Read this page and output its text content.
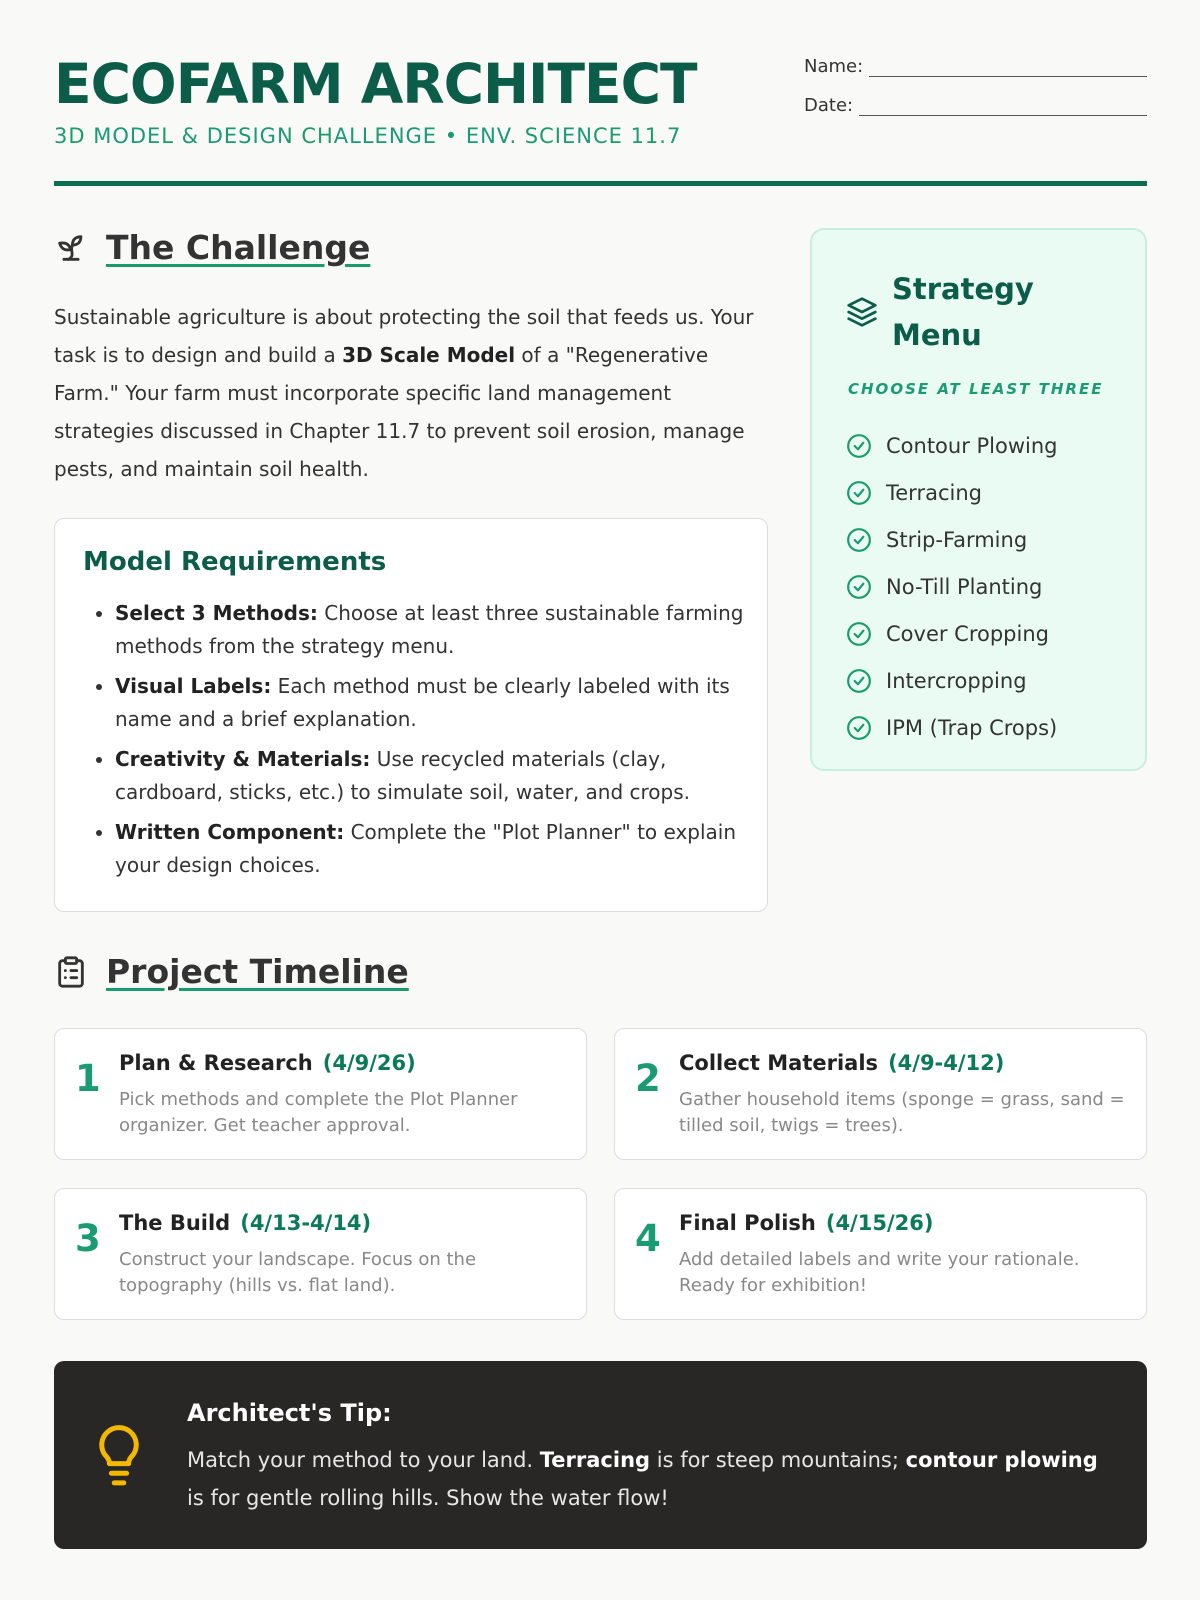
ECOFARM ARCHITECT
3D MODEL & DESIGN CHALLENGE • ENV. SCIENCE 11.7
Name:
Date:
The Challenge
Sustainable agriculture is about protecting the soil that feeds us. Your task is to design and build a 3D Scale Model of a "Regenerative Farm." Your farm must incorporate specific land management strategies discussed in Chapter 11.7 to prevent soil erosion, manage pests, and maintain soil health.
Model Requirements
• Select 3 Methods: Choose at least three sustainable farming methods from the strategy menu.
• Visual Labels: Each method must be clearly labeled with its name and a brief explanation.
• Creativity & Materials: Use recycled materials (clay, cardboard, sticks, etc.) to simulate soil, water, and crops.
• Written Component: Complete the "Plot Planner" to explain your design choices.
Strategy Menu
CHOOSE AT LEAST THREE
Contour Plowing
Terracing
Strip-Farming
No-Till Planting
Cover Cropping
Intercropping
IPM (Trap Crops)
Project Timeline
1 Plan & Research (4/9/26)
Pick methods and complete the Plot Planner organizer. Get teacher approval.
2 Collect Materials (4/9-4/12)
Gather household items (sponge = grass, sand = tilled soil, twigs = trees).
3 The Build (4/13-4/14)
Construct your landscape. Focus on the topography (hills vs. flat land).
4 Final Polish (4/15/26)
Add detailed labels and write your rationale. Ready for exhibition!
Architect's Tip:
Match your method to your land. Terracing is for steep mountains; contour plowing is for gentle rolling hills. Show the water flow!
